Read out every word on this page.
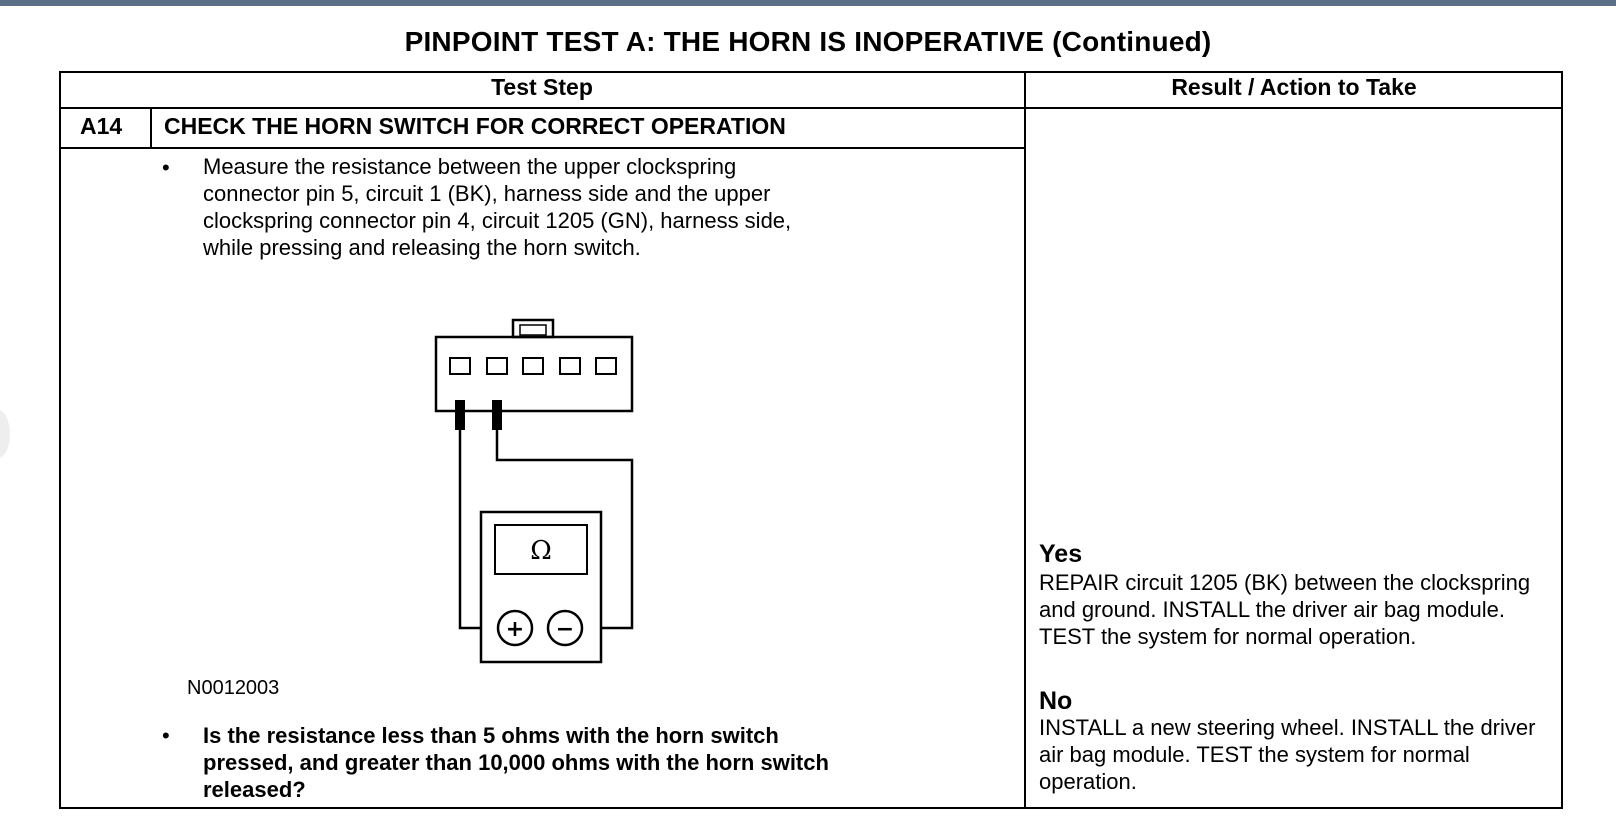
PINPOINT TEST A: THE HORN IS INOPERATIVE (Continued)
Test Step	Result / Action to Take
A14 CHECK THE HORN SWITCH FOR CORRECT OPERATION
• Measure the resistance between the upper clockspring
connector pin 5, circuit 1 (BK), harness side and the upper
clockspring connector pin 4, circuit 1205 (GN), harness side,
while pressing and releasing the horn switch.
Ω
+ −
N0012003
• Is the resistance less than 5 ohms with the horn switch
pressed, and greater than 10,000 ohms with the horn switch
released?
Yes
REPAIR circuit 1205 (BK) between the clockspring and ground. INSTALL the driver air bag module. TEST the system for normal operation.
No
INSTALL a new steering wheel. INSTALL the driver air bag module. TEST the system for normal operation.
